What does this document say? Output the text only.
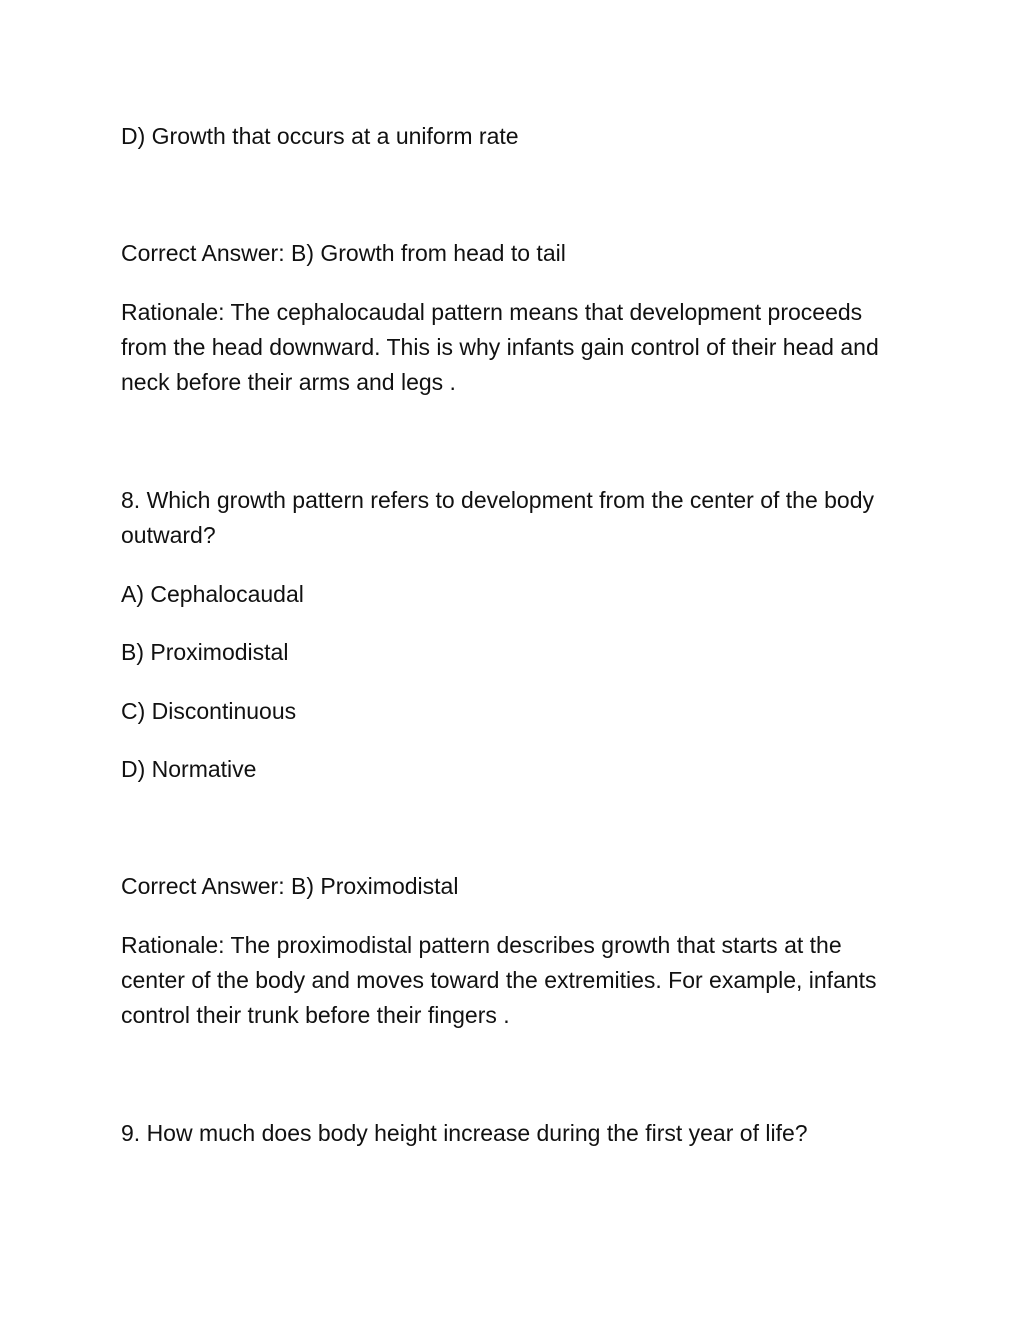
D) Growth that occurs at a uniform rate

Correct Answer: B) Growth from head to tail

Rationale: The cephalocaudal pattern means that development proceeds from the head downward. This is why infants gain control of their head and neck before their arms and legs .

8. Which growth pattern refers to development from the center of the body outward?

A) Cephalocaudal

B) Proximodistal

C) Discontinuous

D) Normative

Correct Answer: B) Proximodistal

Rationale: The proximodistal pattern describes growth that starts at the center of the body and moves toward the extremities. For example, infants control their trunk before their fingers .

9. How much does body height increase during the first year of life?
